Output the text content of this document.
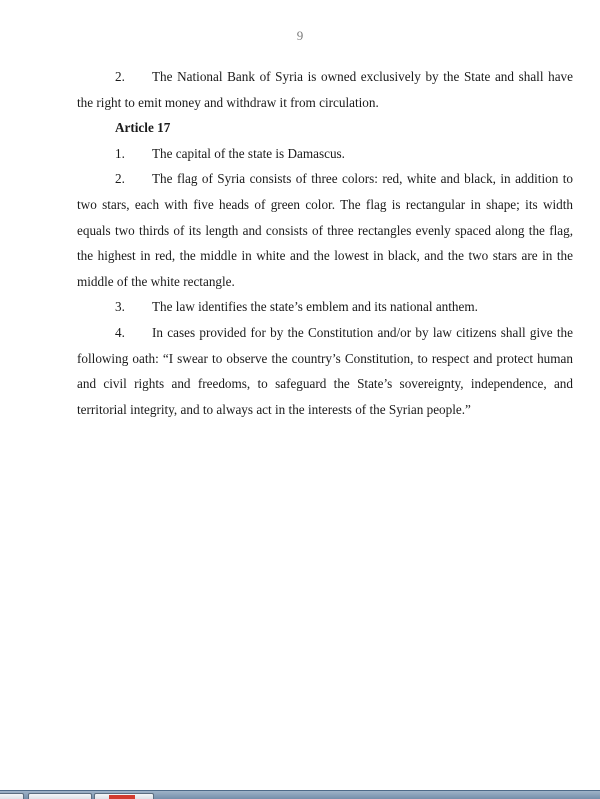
9

2. The National Bank of Syria is owned exclusively by the State and shall have the right to emit money and withdraw it from circulation.

Article 17

1. The capital of the state is Damascus.

2. The flag of Syria consists of three colors: red, white and black, in addition to two stars, each with five heads of green color. The flag is rectangular in shape; its width equals two thirds of its length and consists of three rectangles evenly spaced along the flag, the highest in red, the middle in white and the lowest in black, and the two stars are in the middle of the white rectangle.

3. The law identifies the state’s emblem and its national anthem.

4. In cases provided for by the Constitution and/or by law citizens shall give the following oath: “I swear to observe the country’s Constitution, to respect and protect human and civil rights and freedoms, to safeguard the State’s sovereignty, independence, and territorial integrity, and to always act in the interests of the Syrian people.”
